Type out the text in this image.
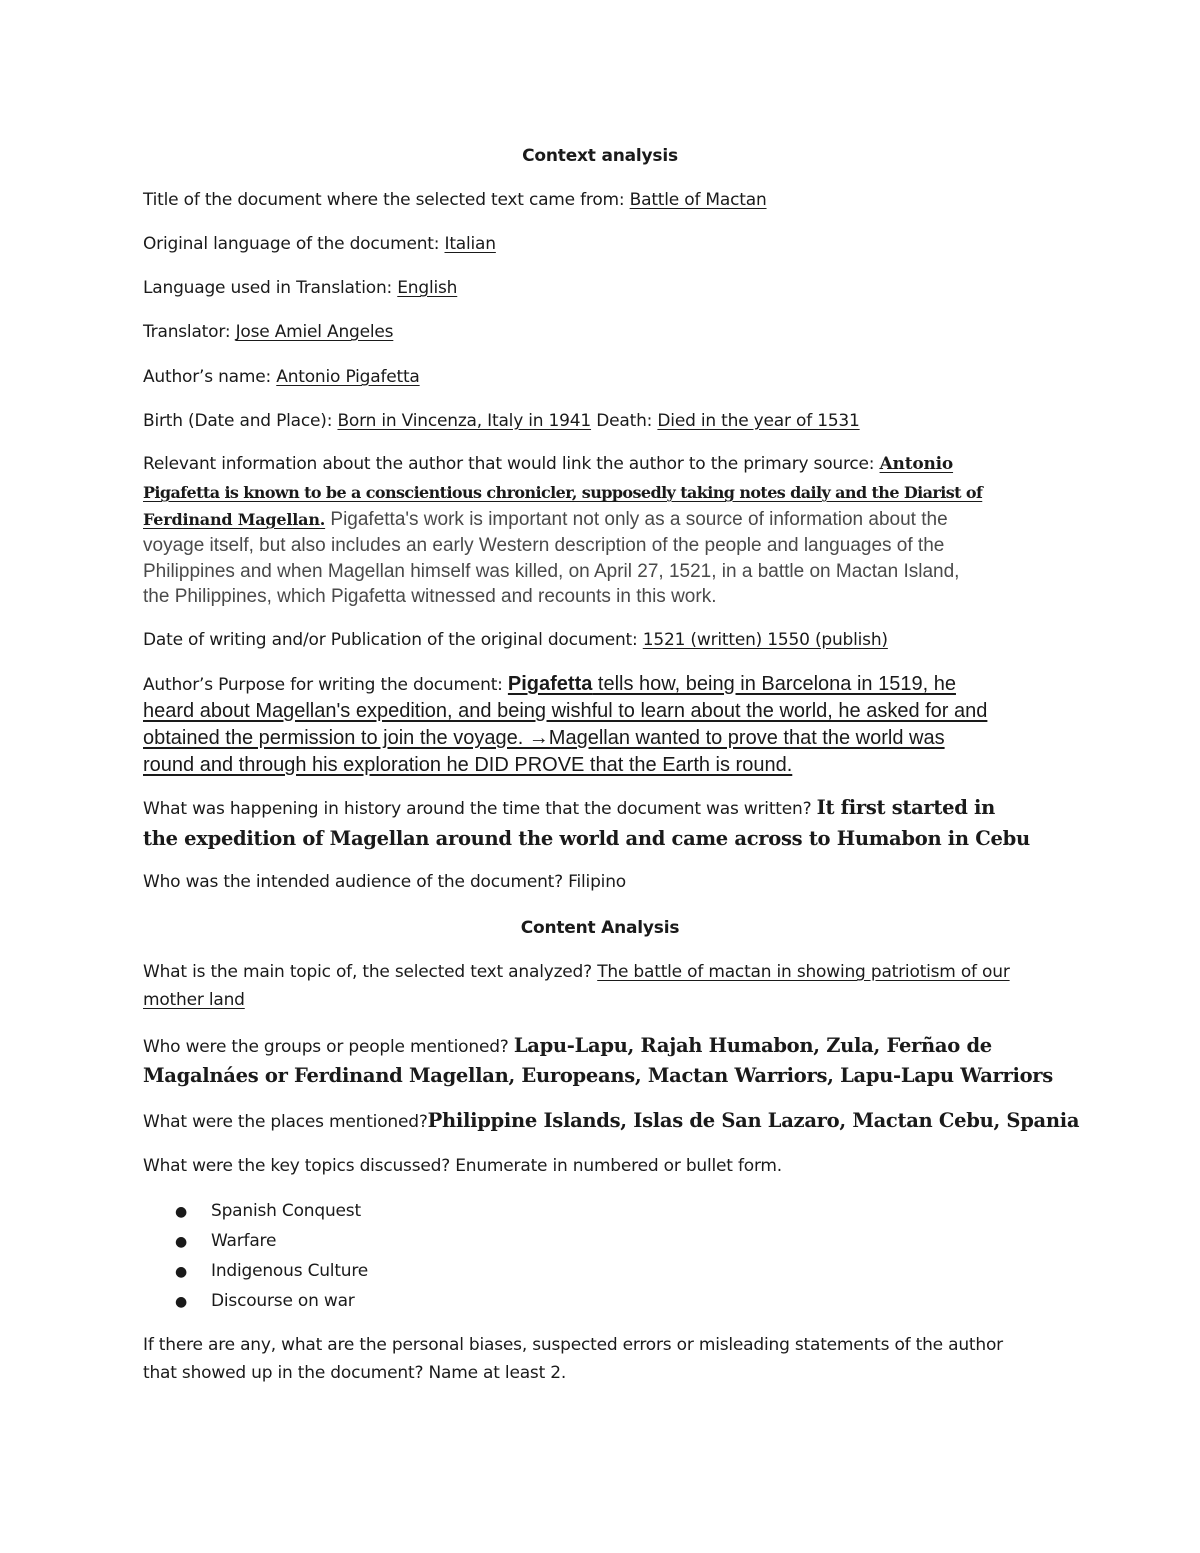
Context analysis
Title of the document where the selected text came from: Battle of Mactan
Original language of the document: Italian
Language used in Translation: English
Translator: Jose Amiel Angeles
Author’s name: Antonio Pigafetta
Birth (Date and Place): Born in Vincenza, Italy in 1941 Death: Died in the year of 1531
Relevant information about the author that would link the author to the primary source: Antonio
Pigafetta is known to be a conscientious chronicler, supposedly taking notes daily and the Diarist of
Ferdinand Magellan. Pigafetta's work is important not only as a source of information about the
voyage itself, but also includes an early Western description of the people and languages of the
Philippines and when Magellan himself was killed, on April 27, 1521, in a battle on Mactan Island,
the Philippines, which Pigafetta witnessed and recounts in this work.
Date of writing and/or Publication of the original document: 1521 (written) 1550 (publish)
Author’s Purpose for writing the document: Pigafetta tells how, being in Barcelona in 1519, he
heard about Magellan's expedition, and being wishful to learn about the world, he asked for and
obtained the permission to join the voyage. →Magellan wanted to prove that the world was
round and through his exploration he DID PROVE that the Earth is round.
What was happening in history around the time that the document was written? It first started in
the expedition of Magellan around the world and came across to Humabon in Cebu
Who was the intended audience of the document? Filipino
Content Analysis
What is the main topic of, the selected text analyzed? The battle of mactan in showing patriotism of our
mother land
Who were the groups or people mentioned? Lapu-Lapu, Rajah Humabon, Zula, Ferñao de
Magalnáes or Ferdinand Magellan, Europeans, Mactan Warriors, Lapu-Lapu Warriors
What were the places mentioned?Philippine Islands, Islas de San Lazaro, Mactan Cebu, Spania
What were the key topics discussed? Enumerate in numbered or bullet form.
● Spanish Conquest
● Warfare
● Indigenous Culture
● Discourse on war
If there are any, what are the personal biases, suspected errors or misleading statements of the author
that showed up in the document? Name at least 2.
